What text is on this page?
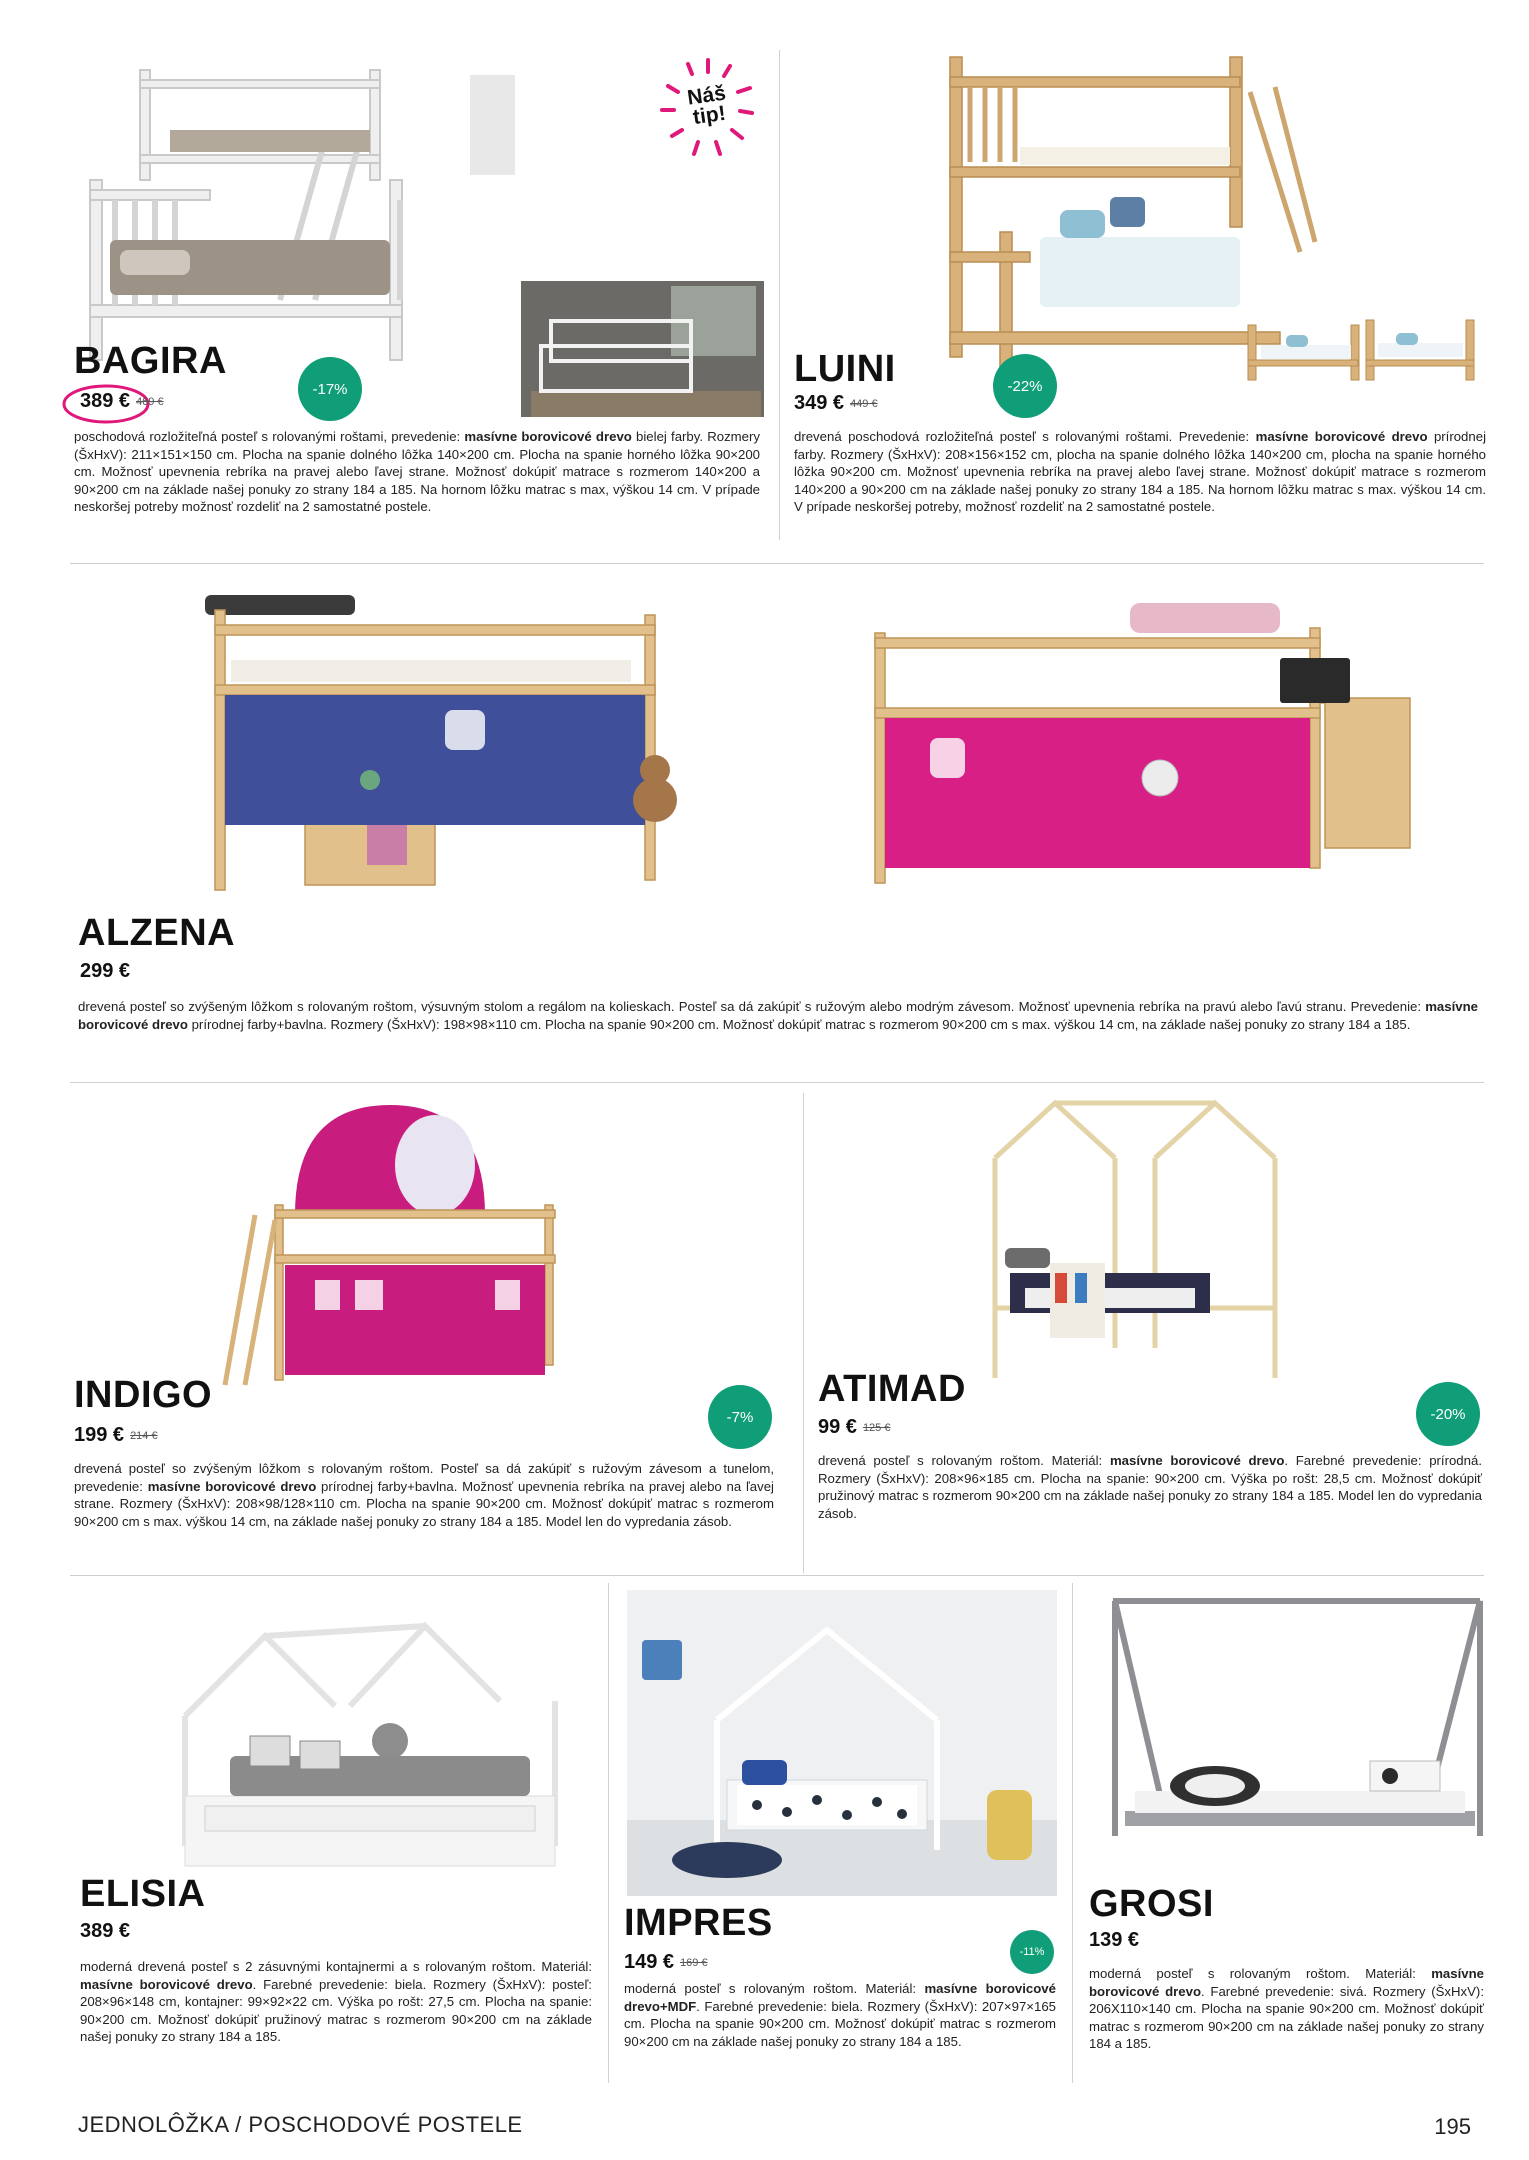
Náš tip!
BAGIRA
389 € 469 €
-17%
poschodová rozložiteľná posteľ s rolovanými roštami, prevedenie: masívne borovicové drevo bielej farby. Rozmery (ŠxHxV): 211×151×150 cm. Plocha na spanie dolného lôžka 140×200 cm. Plocha na spanie horného lôžka 90×200 cm. Možnosť upevnenia rebríka na pravej alebo ľavej strane. Možnosť dokúpiť matrace s rozmerom 140×200 a 90×200 cm na základe našej ponuky zo strany 184 a 185. Na hornom lôžku matrac s max, výškou 14 cm. V prípade neskoršej potreby možnosť rozdeliť na 2 samostatné postele.
LUINI
349 € 449 €
-22%
drevená poschodová rozložiteľná posteľ s rolovanými roštami. Prevedenie: masívne borovicové drevo prírodnej farby. Rozmery (ŠxHxV): 208×156×152 cm, plocha na spanie dolného lôžka 140×200 cm, plocha na spanie horného lôžka 90×200 cm. Možnosť upevnenia rebríka na pravej alebo ľavej strane. Možnosť dokúpiť matrace s rozmerom 140×200 a 90×200 cm na základe našej ponuky zo strany 184 a 185. Na hornom lôžku matrac s max. výškou 14 cm. V prípade neskoršej potreby, možnosť rozdeliť na 2 samostatné postele.
ALZENA
299 €
drevená posteľ so zvýšeným lôžkom s rolovaným roštom, výsuvným stolom a regálom na kolieskach. Posteľ sa dá zakúpiť s ružovým alebo modrým závesom. Možnosť upevnenia rebríka na pravú alebo ľavú stranu. Prevedenie: masívne borovicové drevo prírodnej farby+bavlna. Rozmery (ŠxHxV): 198×98×110 cm. Plocha na spanie 90×200 cm. Možnosť dokúpiť matrac s rozmerom 90×200 cm s max. výškou 14 cm, na základe našej ponuky zo strany 184 a 185.
INDIGO
199 € 214 €
-7%
drevená posteľ so zvýšeným lôžkom s rolovaným roštom. Posteľ sa dá zakúpiť s ružovým závesom a tunelom, prevedenie: masívne borovicové drevo prírodnej farby+bavlna. Možnosť upevnenia rebríka na pravej alebo na ľavej strane. Rozmery (ŠxHxV): 208×98/128×110 cm. Plocha na spanie 90×200 cm. Možnosť dokúpiť matrac s rozmerom 90×200 cm s max. výškou 14 cm, na základe našej ponuky zo strany 184 a 185. Model len do vypredania zásob.
ATIMAD
99 € 125 €
-20%
drevená posteľ s rolovaným roštom. Materiál: masívne borovicové drevo. Farebné prevedenie: prírodná. Rozmery (ŠxHxV): 208×96×185 cm. Plocha na spanie: 90×200 cm. Výška po rošt: 28,5 cm. Možnosť dokúpiť pružinový matrac s rozmerom 90×200 cm na základe našej ponuky zo strany 184 a 185. Model len do vypredania zásob.
ELISIA
389 €
moderná drevená posteľ s 2 zásuvnými kontajnermi a s rolovaným roštom. Materiál: masívne borovicové drevo. Farebné prevedenie: biela. Rozmery (ŠxHxV): posteľ: 208×96×148 cm, kontajner: 99×92×22 cm. Výška po rošt: 27,5 cm. Plocha na spanie: 90×200 cm. Možnosť dokúpiť pružinový matrac s rozmerom 90×200 cm na základe našej ponuky zo strany 184 a 185.
IMPRES
149 € 169 €
-11%
moderná posteľ s rolovaným roštom. Materiál: masívne borovicové drevo+MDF. Farebné prevedenie: biela. Rozmery (ŠxHxV): 207×97×165 cm. Plocha na spanie 90×200 cm. Možnosť dokúpiť matrac s rozmerom 90×200 cm na základe našej ponuky zo strany 184 a 185.
GROSI
139 €
moderná posteľ s rolovaným roštom. Materiál: masívne borovicové drevo. Farebné prevedenie: sivá. Rozmery (ŠxHxV): 206X110×140 cm. Plocha na spanie 90×200 cm. Možnosť dokúpiť matrac s rozmerom 90×200 cm na základe našej ponuky zo strany 184 a 185.
JEDNOLÔŽKA / POSCHODOVÉ POSTELE	195
